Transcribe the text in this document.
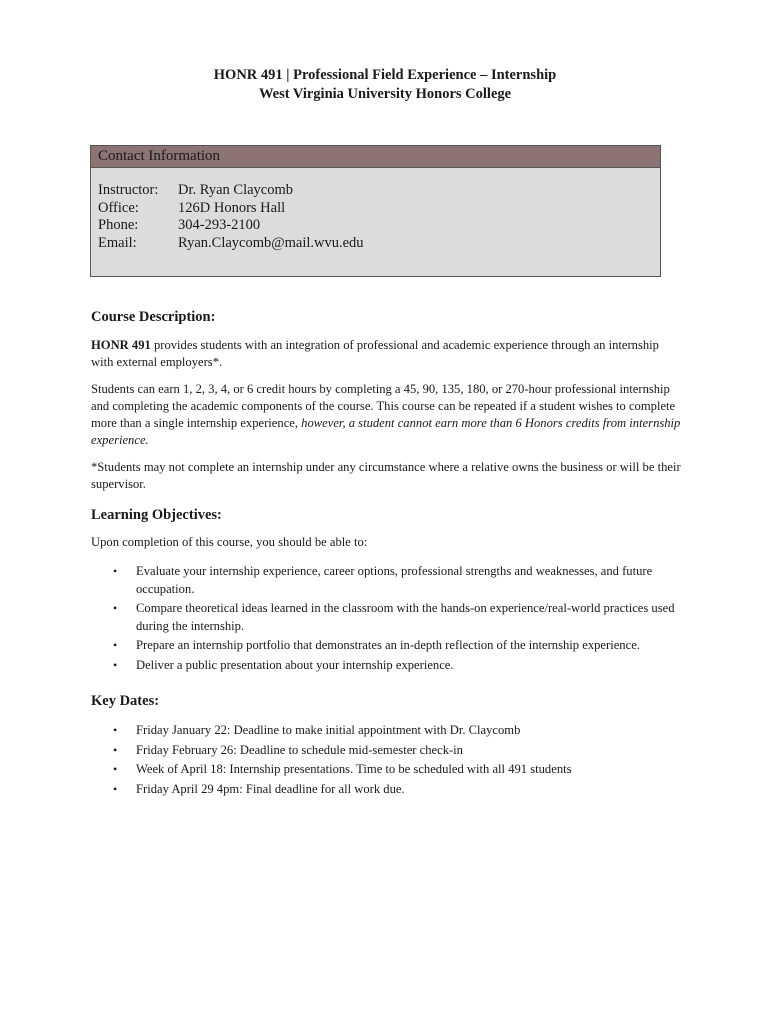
HONR 491 | Professional Field Experience – Internship
West Virginia University Honors College
Contact Information
Instructor:	Dr. Ryan Claycomb
Office:	126D Honors Hall
Phone:	304-293-2100
Email:	Ryan.Claycomb@mail.wvu.edu
Course Description:
HONR 491 provides students with an integration of professional and academic experience through an internship with external employers*.
Students can earn 1, 2, 3, 4, or 6 credit hours by completing a 45, 90, 135, 180, or 270-hour professional internship and completing the academic components of the course. This course can be repeated if a student wishes to complete more than a single internship experience, however, a student cannot earn more than 6 Honors credits from internship experience.
*Students may not complete an internship under any circumstance where a relative owns the business or will be their supervisor.
Learning Objectives:
Upon completion of this course, you should be able to:
• Evaluate your internship experience, career options, professional strengths and weaknesses, and future occupation.
• Compare theoretical ideas learned in the classroom with the hands-on experience/real-world practices used during the internship.
• Prepare an internship portfolio that demonstrates an in-depth reflection of the internship experience.
• Deliver a public presentation about your internship experience.
Key Dates:
• Friday January 22: Deadline to make initial appointment with Dr. Claycomb
• Friday February 26: Deadline to schedule mid-semester check-in
• Week of April 18: Internship presentations. Time to be scheduled with all 491 students
• Friday April 29 4pm: Final deadline for all work due.
